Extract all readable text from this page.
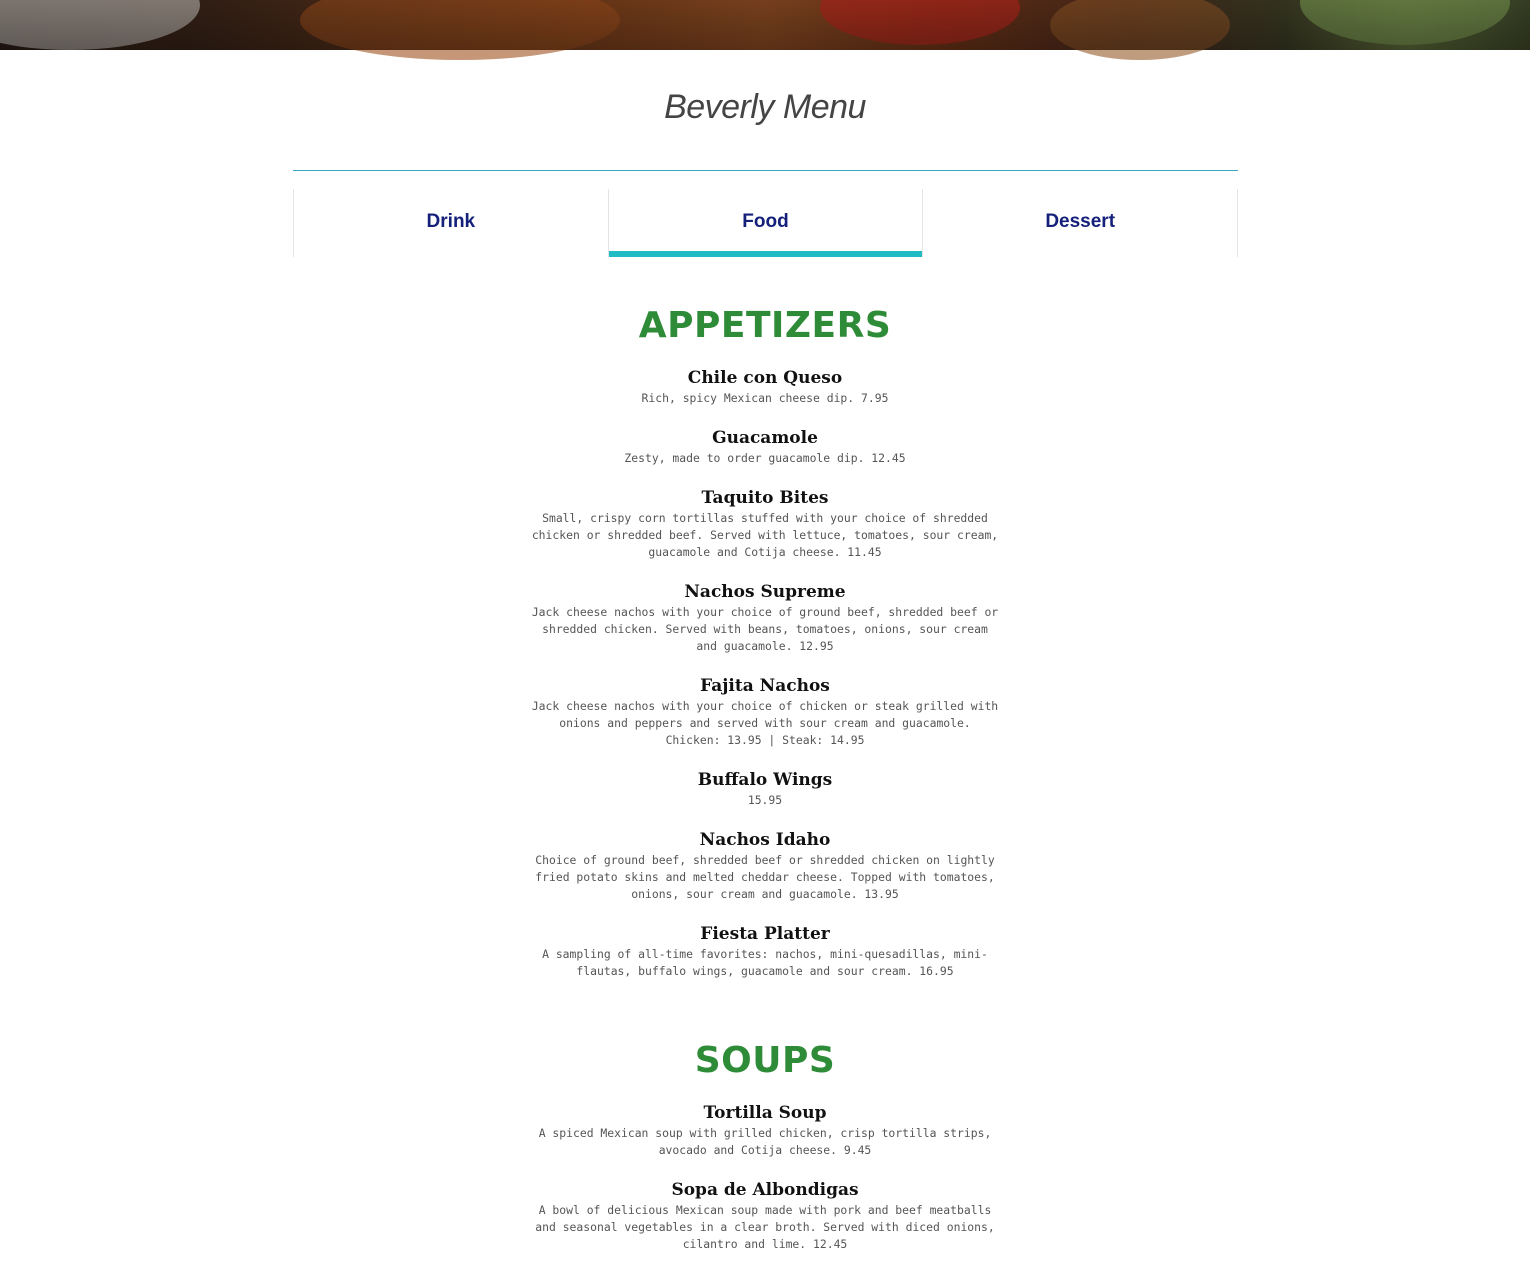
Beverly Menu
Drink	Food	Dessert
APPETIZERS
Chile con Queso
Rich, spicy Mexican cheese dip. 7.95
Guacamole
Zesty, made to order guacamole dip. 12.45
Taquito Bites
Small, crispy corn tortillas stuffed with your choice of shredded chicken or shredded beef. Served with lettuce, tomatoes, sour cream, guacamole and Cotija cheese. 11.45
Nachos Supreme
Jack cheese nachos with your choice of ground beef, shredded beef or shredded chicken. Served with beans, tomatoes, onions, sour cream and guacamole. 12.95
Fajita Nachos
Jack cheese nachos with your choice of chicken or steak grilled with onions and peppers and served with sour cream and guacamole. Chicken: 13.95 | Steak: 14.95
Buffalo Wings
15.95
Nachos Idaho
Choice of ground beef, shredded beef or shredded chicken on lightly fried potato skins and melted cheddar cheese. Topped with tomatoes, onions, sour cream and guacamole. 13.95
Fiesta Platter
A sampling of all-time favorites: nachos, mini-quesadillas, mini-flautas, buffalo wings, guacamole and sour cream. 16.95
SOUPS
Tortilla Soup
A spiced Mexican soup with grilled chicken, crisp tortilla strips, avocado and Cotija cheese. 9.45
Sopa de Albondigas
A bowl of delicious Mexican soup made with pork and beef meatballs and seasonal vegetables in a clear broth. Served with diced onions, cilantro and lime. 12.45
